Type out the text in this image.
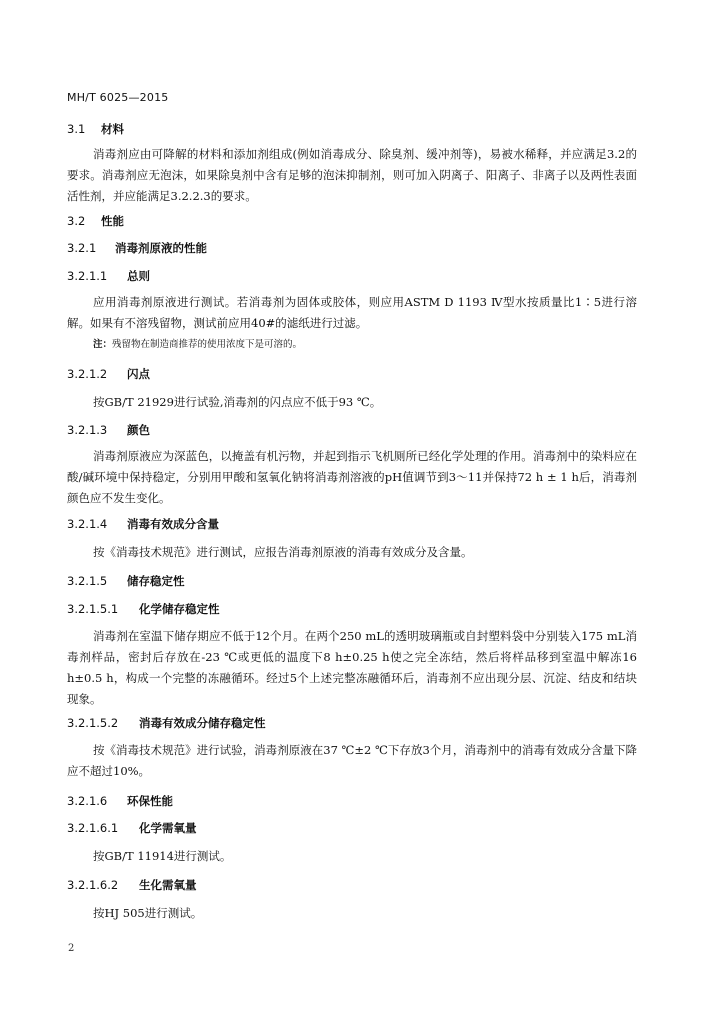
MH/T 6025—2015
3.1 材料
消毒剂应由可降解的材料和添加剂组成(例如消毒成分、除臭剂、缓冲剂等)，易被水稀释，并应满足3.2的要求。消毒剂应无泡沫，如果除臭剂中含有足够的泡沫抑制剂，则可加入阴离子、阳离子、非离子以及两性表面活性剂，并应能满足3.2.2.3的要求。
3.2 性能
3.2.1 消毒剂原液的性能
3.2.1.1 总则
应用消毒剂原液进行测试。若消毒剂为固体或胶体，则应用ASTM D 1193 Ⅳ型水按质量比1∶5进行溶解。如果有不溶残留物，测试前应用40#的滤纸进行过滤。
注：残留物在制造商推荐的使用浓度下是可溶的。
3.2.1.2 闪点
按GB/T 21929进行试验,消毒剂的闪点应不低于93 ℃。
3.2.1.3 颜色
消毒剂原液应为深蓝色，以掩盖有机污物，并起到指示飞机厕所已经化学处理的作用。消毒剂中的染料应在酸/碱环境中保持稳定，分别用甲酸和氢氧化钠将消毒剂溶液的pH值调节到3～11并保持72 h ± 1 h后，消毒剂颜色应不发生变化。
3.2.1.4 消毒有效成分含量
按《消毒技术规范》进行测试，应报告消毒剂原液的消毒有效成分及含量。
3.2.1.5 储存稳定性
3.2.1.5.1 化学储存稳定性
消毒剂在室温下储存期应不低于12个月。在两个250 mL的透明玻璃瓶或自封塑料袋中分别装入175 mL消毒剂样品，密封后存放在-23 ℃或更低的温度下8 h±0.25 h使之完全冻结，然后将样品移到室温中解冻16 h±0.5 h，构成一个完整的冻融循环。经过5个上述完整冻融循环后，消毒剂不应出现分层、沉淀、结皮和结块现象。
3.2.1.5.2 消毒有效成分储存稳定性
按《消毒技术规范》进行试验，消毒剂原液在37 ℃±2 ℃下存放3个月，消毒剂中的消毒有效成分含量下降应不超过10%。
3.2.1.6 环保性能
3.2.1.6.1 化学需氧量
按GB/T 11914进行测试。
3.2.1.6.2 生化需氧量
按HJ 505进行测试。
2
